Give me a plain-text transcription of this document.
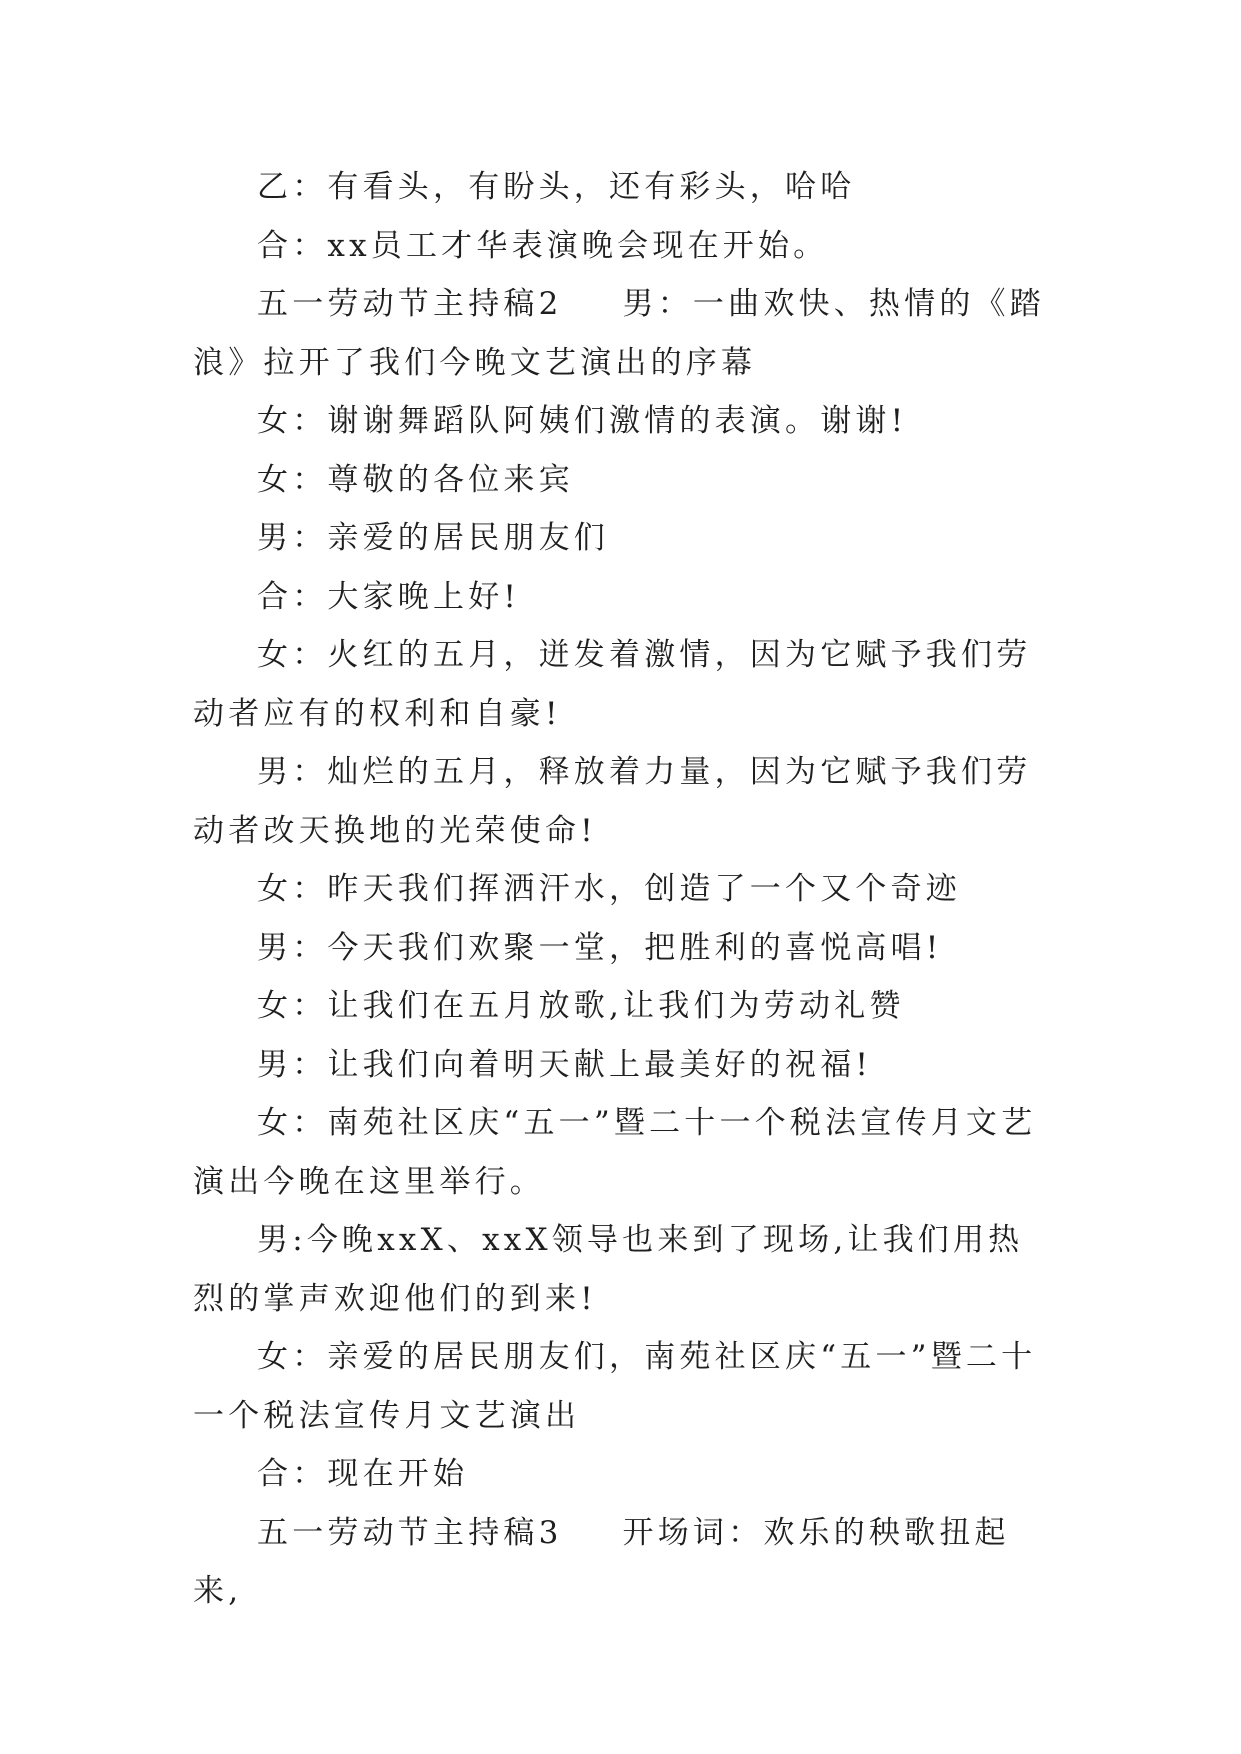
乙：有看头，有盼头，还有彩头，哈哈

合：xx员工才华表演晚会现在开始。

五一劳动节主持稿2 男：一曲欢快、热情的《踏浪》拉开了我们今晚文艺演出的序幕

女：谢谢舞蹈队阿姨们激情的表演。谢谢!

女：尊敬的各位来宾

男：亲爱的居民朋友们

合：大家晚上好!

女：火红的五月，迸发着激情，因为它赋予我们劳动者应有的权利和自豪!

男：灿烂的五月，释放着力量，因为它赋予我们劳动者改天换地的光荣使命!

女：昨天我们挥洒汗水，创造了一个又个奇迹

男：今天我们欢聚一堂，把胜利的喜悦高唱!

女：让我们在五月放歌,让我们为劳动礼赞

男：让我们向着明天献上最美好的祝福!

女：南苑社区庆“五一”暨二十一个税法宣传月文艺演出今晚在这里举行。

男:今晚xxX、xxX领导也来到了现场,让我们用热烈的掌声欢迎他们的到来!

女：亲爱的居民朋友们，南苑社区庆“五一”暨二十一个税法宣传月文艺演出

合：现在开始

五一劳动节主持稿3 开场词：欢乐的秧歌扭起来,
